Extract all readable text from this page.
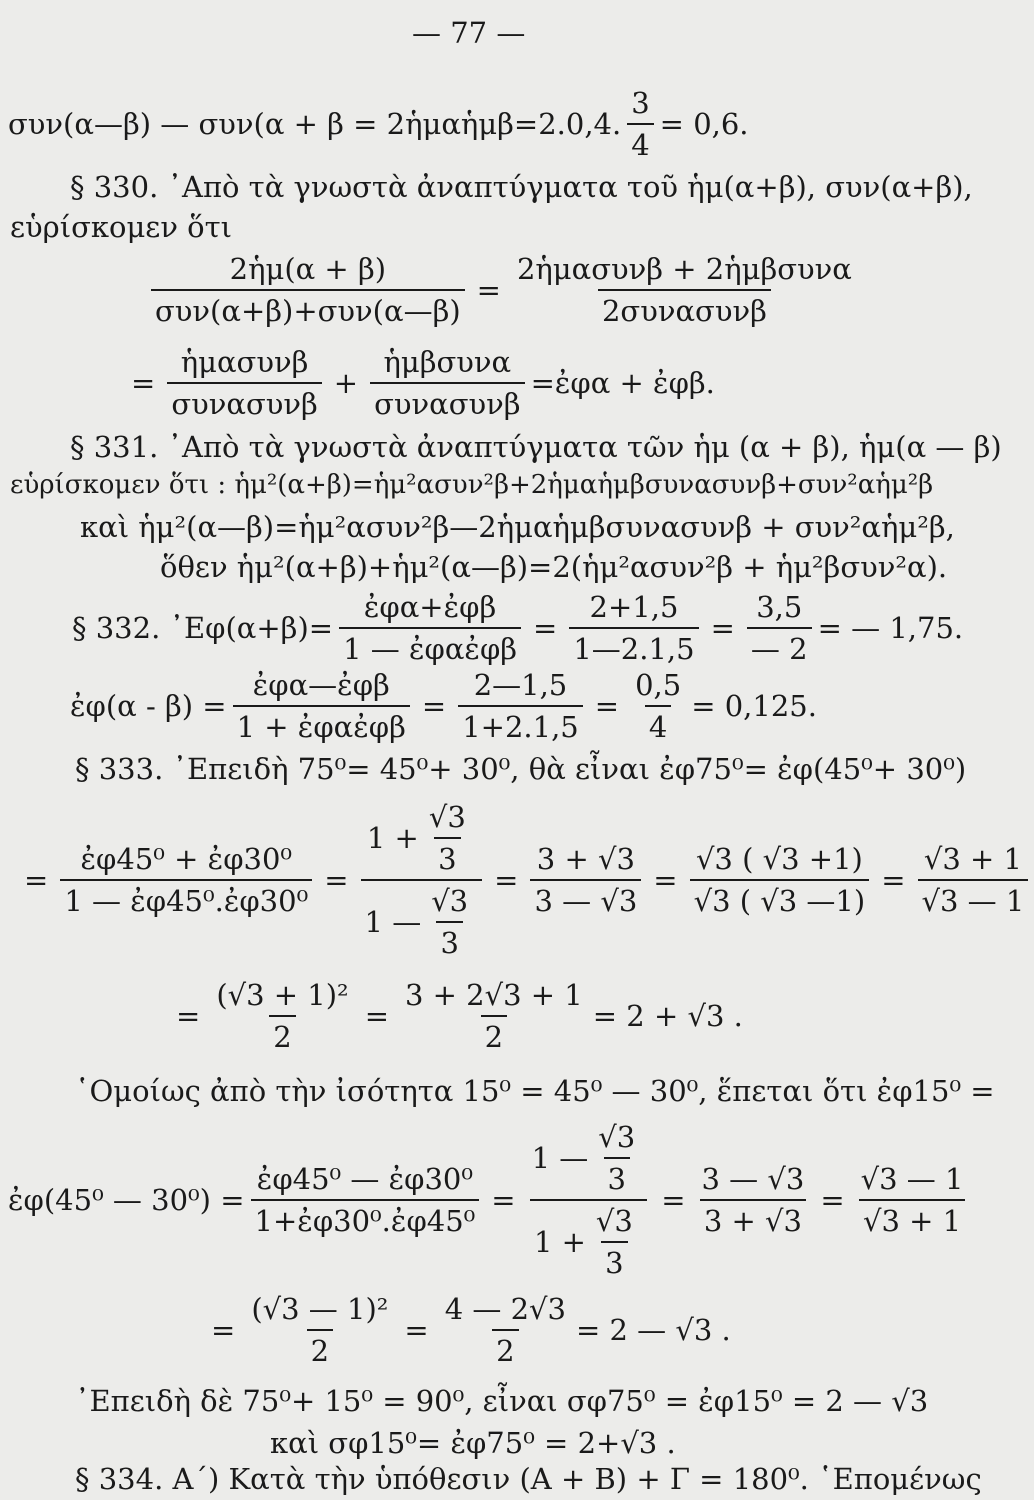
— 77 —
συν(α—β) — συν(α + β = 2ἡμαἡμβ=2.0,4. $\frac{3}{4} = 0,6$.
§ 330. ᾿Απὸ τὰ γνωστὰ ἀναπτύγματα τοῦ ἡμ(α+β), συν(α+β),
εὑρίσκομεν ὅτι
$\frac{\text{2ἡμ(α + β)}}{\text{συν(α+β)+συν(α—β)}} = \frac{\text{2ἡμασυνβ + 2ἡμβσυνα}}{\text{2συνασυνβ}}$
= $\frac{\text{ἡμασυνβ}}{\text{συνασυνβ}} + \frac{\text{ἡμβσυνα}}{\text{συνασυνβ}}$ =ἐφα + ἐφβ.
§ 331. ᾿Απὸ τὰ γνωστὰ ἀναπτύγματα τῶν ἡμ (α + β), ἡμ(α — β)
εὑρίσκομεν ὅτι : ἡμ²(α+β)=ἡμ²ασυν²β+2ἡμαἡμβσυνασυνβ+συν²αἡμ²β
καὶ ἡμ²(α—β)=ἡμ²ασυν²β—2ἡμαἡμβσυνασυνβ + συν²αἡμ²β,
ὅθεν ἡμ²(α+β)+ἡμ²(α—β)=2(ἡμ²ασυν²β + ἡμ²βσυν²α).
§ 332. ᾿Εφ(α+β)= $\frac{\text{ἐφα+ἐφβ}}{\text{1 — ἐφαἐφβ}} = \frac{2+1,5}{1—2.1,5} = \frac{3,5}{— 2}$ = — 1,75.
ἐφ(α - $\beta) = \frac{\text{ἐφα—ἐφβ}}{\text{1 + ἐφαἐφβ}} = \frac{2—1,5}{1+2.1,5} = \frac{0,5}{4} = 0,125$.
§ 333. ᾿Επειδὴ 75⁰= 45⁰+ 30⁰, θὰ εἶναι ἐφ75⁰= ἐφ(45⁰+ 30⁰)
= $\frac{\text{ἐφ45⁰ + ἐφ30⁰}}{\text{1 — ἐφ45⁰.ἐφ30⁰}} = \frac{1 + \frac{√3}{3}}{1 — \frac{√3}{3}} = \frac{3 + √3}{3 — √3} = \frac{√3 ( √3 +1)}{√3 ( √3 —1)} = \frac{√3 + 1}{√3 — 1}$
= $\frac{\text{(√3 + 1)²}}{2} = \frac{3 + 2√3 + 1}{2} = 2 + √3$ .
῾Ομοίως ἀπὸ τὴν ἰσότητα 15⁰ = 45⁰ — 30⁰, ἕπεται ὅτι ἐφ15⁰ =
ἐφ(45⁰ — $30^0) = \frac{\text{ἐφ45⁰ — ἐφ30⁰}}{\text{1+ἐφ30⁰.ἐφ45⁰}} = \frac{1 — \frac{√3}{3}}{1 + \frac{√3}{3}} = \frac{3 — √3}{3 + √3} = \frac{√3 — 1}{√3 + 1}$
= $\frac{\text{(√3 — 1)²}}{2} = \frac{4 — 2√3}{2} = 2$ — √3 .
᾿Επειδὴ δὲ 75⁰+ 15⁰ = 90⁰, εἶναι σφ75⁰ = ἐφ15⁰ = 2 — √3
καὶ σφ15⁰= ἐφ75⁰ = 2+√3 .
§ 334. Α΄) Κατὰ τὴν ὑπόθεσιν (Α + Β) + Γ = 180⁰. ῾Επομένως
